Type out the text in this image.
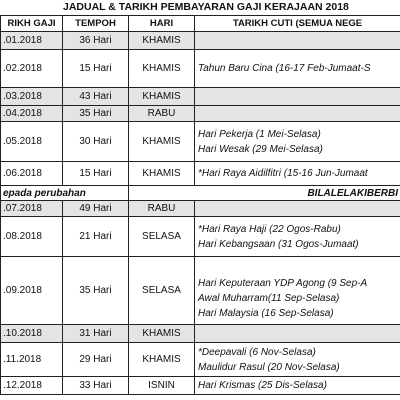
JADUAL & TARIKH PEMBAYARAN GAJI KERAJAAN 2018
RIKH GAJI	TEMPOH	HARI	TARIKH CUTI (SEMUA NEGE
.01.2018	36 Hari	KHAMIS	
.02.2018	15 Hari	KHAMIS	Tahun Baru Cina (16-17 Feb-Jumaat-S

.03.2018	43 Hari	KHAMIS	
.04.2018	35 Hari	RABU	
.05.2018	30 Hari	KHAMIS	Hari Pekerja (1 Mei-Selasa)
Hari Wesak (29 Mei-Selasa)

.06.2018	15 Hari	KHAMIS	*Hari Raya Aidilfitri (15-16 Jun-Jumaat

epada perubahan		BILALELAKIBERBI	
.07.2018	49 Hari	RABU	
.08.2018	21 Hari	SELASA	*Hari Raya Haji (22 Ogos-Rabu)
Hari Kebangsaan (31 Ogos-Jumaat)

.09.2018	35 Hari	SELASA	Hari Keputeraan YDP Agong (9 Sep-A
Awal Muharram(11 Sep-Selasa)
Hari Malaysia (16 Sep-Selasa)

.10.2018	31 Hari	KHAMIS	
.11.2018	29 Hari	KHAMIS	*Deepavali (6 Nov-Selasa)
Maulidur Rasul (20 Nov-Selasa)

.12.2018	33 Hari	ISNIN	Hari Krismas (25 Dis-Selasa)
